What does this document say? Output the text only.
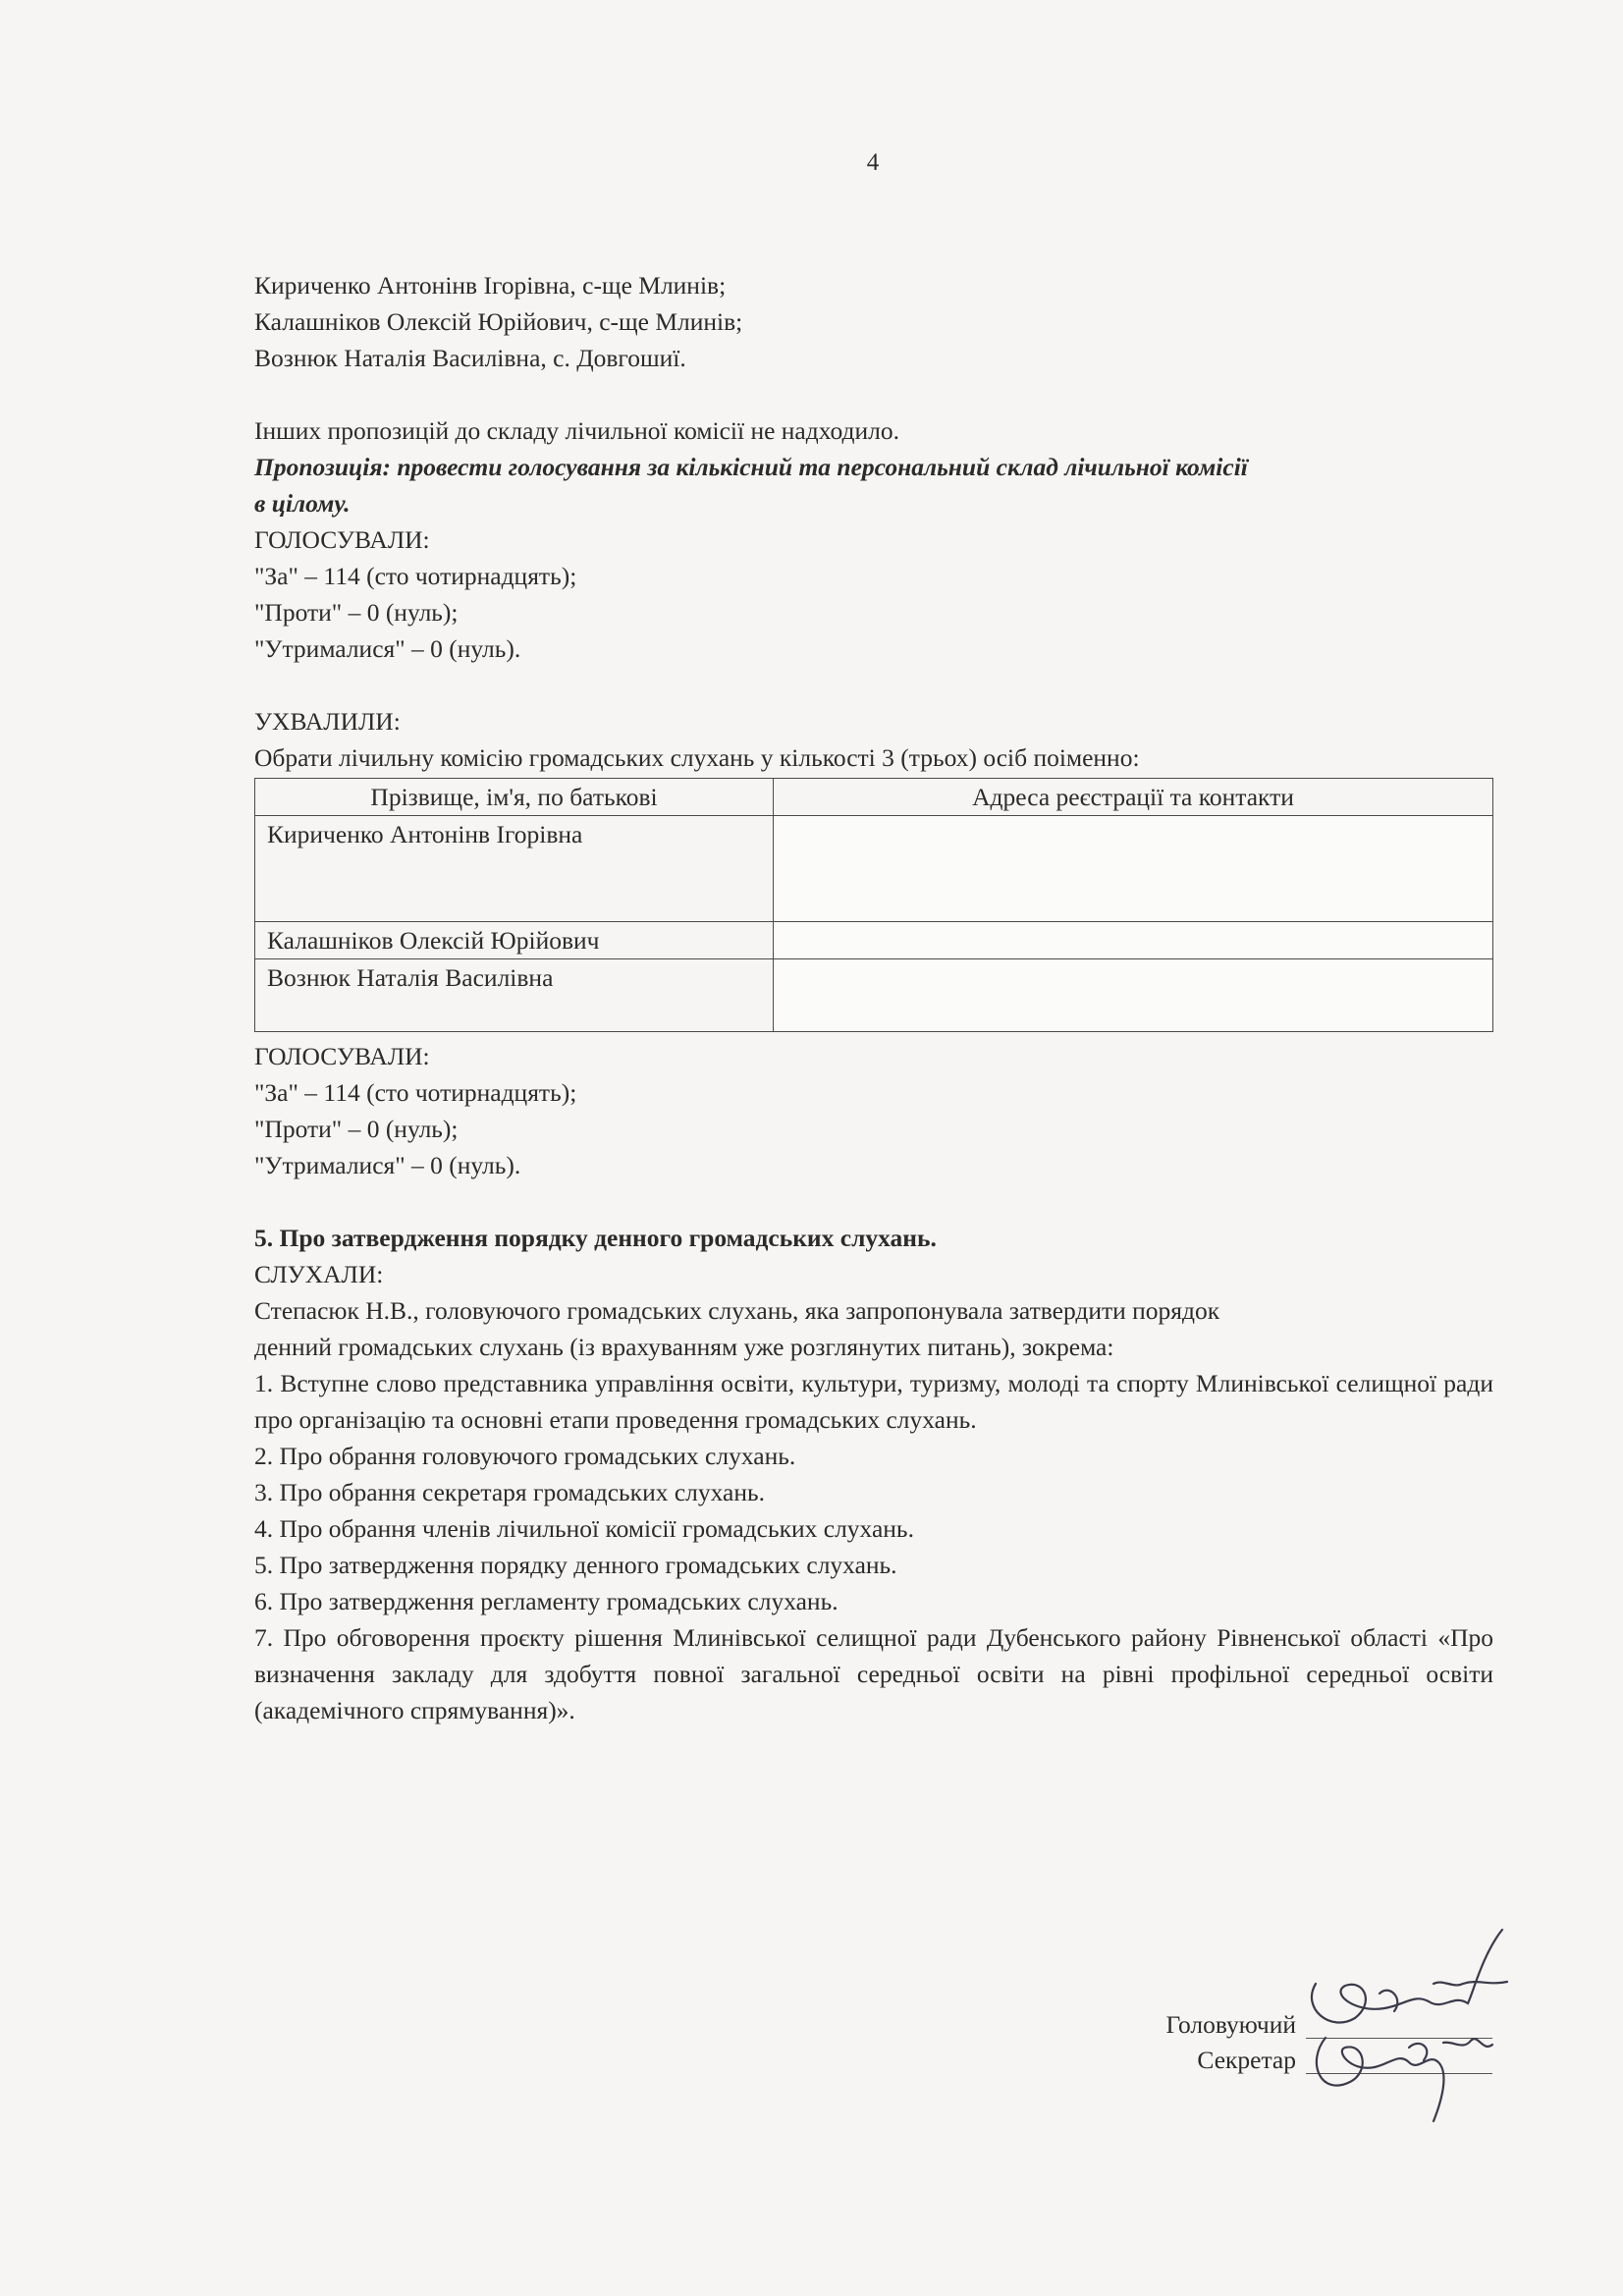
4

Кириченко Антонінв Ігорівна, с-ще Млинів;

Калашніков Олексій Юрійович, с-ще Млинів;

Вознюк Наталія Василівна, с. Довгошиї.

Інших пропозицій до складу лічильної комісії не надходило.

Пропозиція: провести голосування за кількісний та персональний склад лічильної комісії

в цілому.

ГОЛОСУВАЛИ:

"За" – 114 (сто чотирнадцять);

"Проти" – 0 (нуль);

"Утрималися" – 0 (нуль).

УХВАЛИЛИ:

Обрати лічильну комісію громадських слухань у кількості 3 (трьох) осіб поіменно:

Прізвище, ім'я, по батькові	Адреса реєстрації та контакти
Кириченко Антонінв Ігорівна	
Калашніков Олексій Юрійович	
Вознюк Наталія Василівна	

ГОЛОСУВАЛИ:

"За" – 114 (сто чотирнадцять);

"Проти" – 0 (нуль);

"Утрималися" – 0 (нуль).

5. Про затвердження порядку денного громадських слухань.

СЛУХАЛИ:

Степасюк Н.В., головуючого громадських слухань, яка запропонувала затвердити порядок

денний громадських слухань (із врахуванням уже розглянутих питань), зокрема:

1. Вступне слово представника управління освіти, культури, туризму, молоді та спорту Млинівської селищної ради про організацію та основні етапи проведення громадських слухань.

2. Про обрання головуючого громадських слухань.

3. Про обрання секретаря громадських слухань.

4. Про обрання членів лічильної комісії громадських слухань.

5. Про затвердження порядку денного громадських слухань.

6. Про затвердження регламенту громадських слухань.

7. Про обговорення проєкту рішення Млинівської селищної ради Дубенського району Рівненської області «Про визначення закладу для здобуття повної загальної середньої освіти на рівні профільної середньої освіти (академічного спрямування)».

Головуючий
Секретар
